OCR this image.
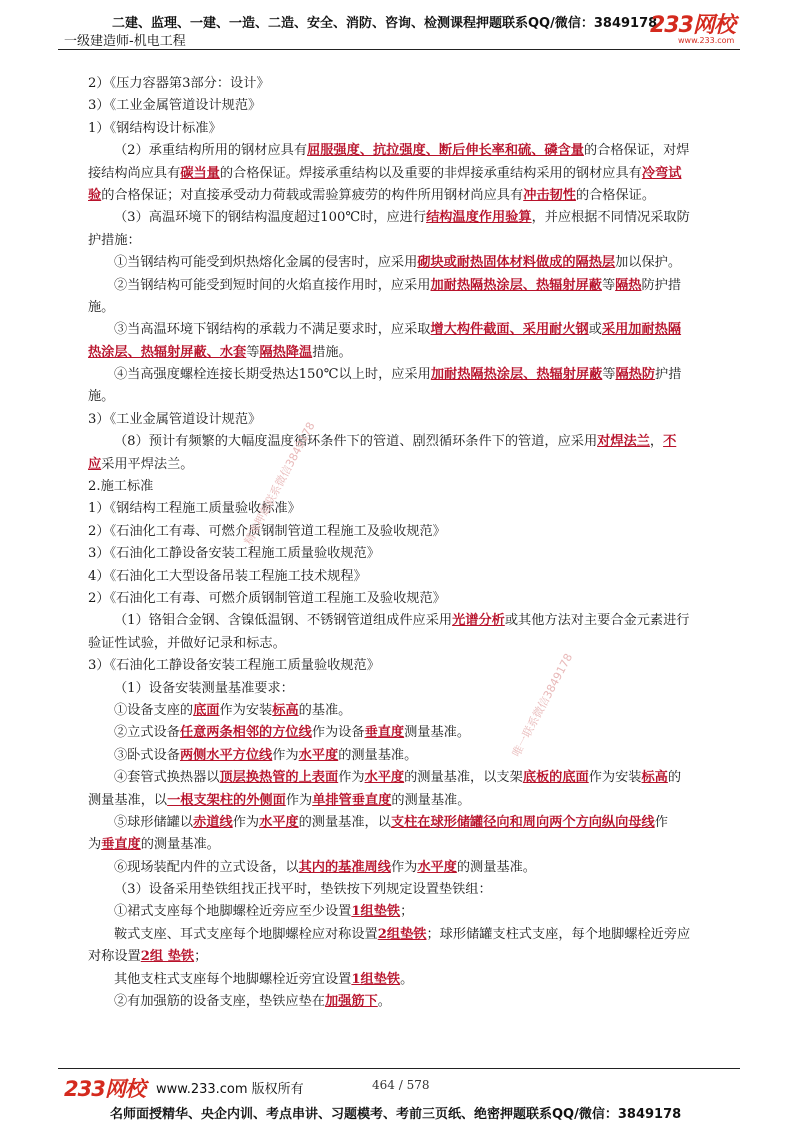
二建、监理、一建、一造、二造、安全、消防、咨询、检测课程押题联系QQ/微信：3849178
一级建造师-机电工程
233网校
www.233.com
2）《压力容器第3部分：设计》
3）《工业金属管道设计规范》
1）《钢结构设计标准》
（2）承重结构所用的钢材应具有屈服强度、抗拉强度、断后伸长率和硫、磷含量的合格保证，对焊
接结构尚应具有碳当量的合格保证。焊接承重结构以及重要的非焊接承重结构采用的钢材应具有冷弯试
验的合格保证；对直接承受动力荷载或需验算疲劳的构件所用钢材尚应具有冲击韧性的合格保证。
（3）高温环境下的钢结构温度超过100℃时，应进行结构温度作用验算，并应根据不同情况采取防
护措施：
①当钢结构可能受到炽热熔化金属的侵害时，应采用砌块或耐热固体材料做成的隔热层加以保护。
②当钢结构可能受到短时间的火焰直接作用时，应采用加耐热隔热涂层、热辐射屏蔽等隔热防护措
施。
③当高温环境下钢结构的承载力不满足要求时，应采取增大构件截面、采用耐火钢或采用加耐热隔
热涂层、热辐射屏蔽、水套等隔热降温措施。
④当高强度螺栓连接长期受热达150℃以上时，应采用加耐热隔热涂层、热辐射屏蔽等隔热防护措
施。
3）《工业金属管道设计规范》
（8）预计有频繁的大幅度温度循环条件下的管道、剧烈循环条件下的管道，应采用对焊法兰，不
应采用平焊法兰。
2.施工标准
1）《钢结构工程施工质量验收标准》
2）《石油化工有毒、可燃介质钢制管道工程施工及验收规范》
3）《石油化工静设备安装工程施工质量验收规范》
4）《石油化工大型设备吊装工程施工技术规程》
2）《石油化工有毒、可燃介质钢制管道工程施工及验收规范》
（1）铬钼合金钢、含镍低温钢、不锈钢管道组成件应采用光谱分析或其他方法对主要合金元素进行
验证性试验，并做好记录和标志。
3）《石油化工静设备安装工程施工质量验收规范》
（1）设备安装测量基准要求：
①设备支座的底面作为安装标高的基准。
②立式设备任意两条相邻的方位线作为设备垂直度测量基准。
③卧式设备两侧水平方位线作为水平度的测量基准。
④套管式换热器以顶层换热管的上表面作为水平度的测量基准，以支架底板的底面作为安装标高的
测量基准，以一根支架柱的外侧面作为单排管垂直度的测量基准。
⑤球形储罐以赤道线作为水平度的测量基准，以支柱在球形储罐径向和周向两个方向纵向母线作
为垂直度的测量基准。
⑥现场装配内件的立式设备，以其内的基准周线作为水平度的测量基准。
（3）设备采用垫铁组找正找平时，垫铁按下列规定设置垫铁组：
①裙式支座每个地脚螺栓近旁应至少设置1组垫铁；
鞍式支座、耳式支座每个地脚螺栓应对称设置2组垫铁；球形储罐支柱式支座，每个地脚螺栓近旁应
对称设置2组 垫铁；
其他支柱式支座每个地脚螺栓近旁宜设置1组垫铁。
②有加强筋的设备支座，垫铁应垫在加强筋下。
精准押题联系微信3849178
唯一联系微信3849178
233网校 www.233.com 版权所有	464 / 578
名师面授精华、央企内训、考点串讲、习题模考、考前三页纸、绝密押题联系QQ/微信：3849178
